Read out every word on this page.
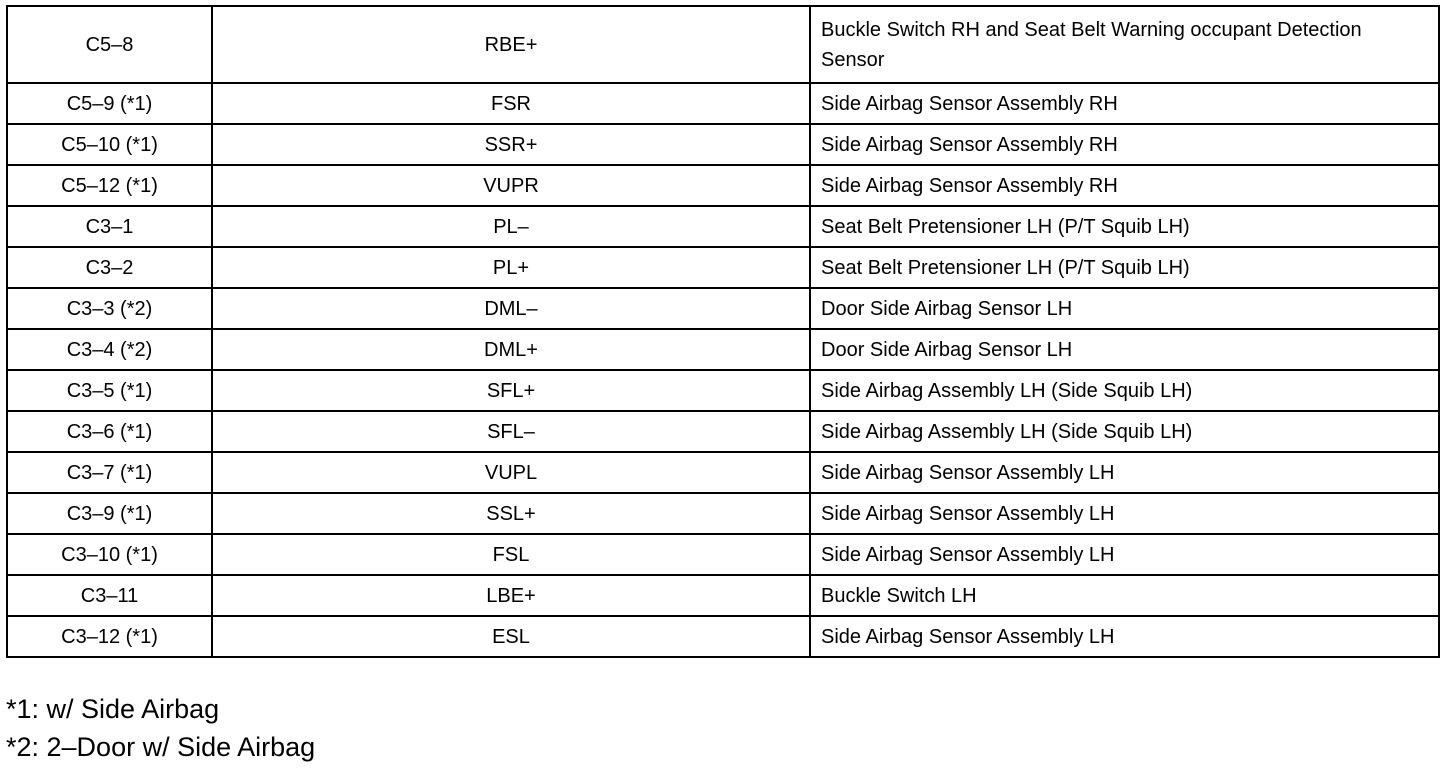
C5–8	RBE+	Buckle Switch RH and Seat Belt Warning occupant Detection Sensor
C5–9 (*1)	FSR	Side Airbag Sensor Assembly RH
C5–10 (*1)	SSR+	Side Airbag Sensor Assembly RH
C5–12 (*1)	VUPR	Side Airbag Sensor Assembly RH
C3–1	PL–	Seat Belt Pretensioner LH (P/T Squib LH)
C3–2	PL+	Seat Belt Pretensioner LH (P/T Squib LH)
C3–3 (*2)	DML–	Door Side Airbag Sensor LH
C3–4 (*2)	DML+	Door Side Airbag Sensor LH
C3–5 (*1)	SFL+	Side Airbag Assembly LH (Side Squib LH)
C3–6 (*1)	SFL–	Side Airbag Assembly LH (Side Squib LH)
C3–7 (*1)	VUPL	Side Airbag Sensor Assembly LH
C3–9 (*1)	SSL+	Side Airbag Sensor Assembly LH
C3–10 (*1)	FSL	Side Airbag Sensor Assembly LH
C3–11	LBE+	Buckle Switch LH
C3–12 (*1)	ESL	Side Airbag Sensor Assembly LH
*1: w/ Side Airbag
*2: 2–Door w/ Side Airbag
